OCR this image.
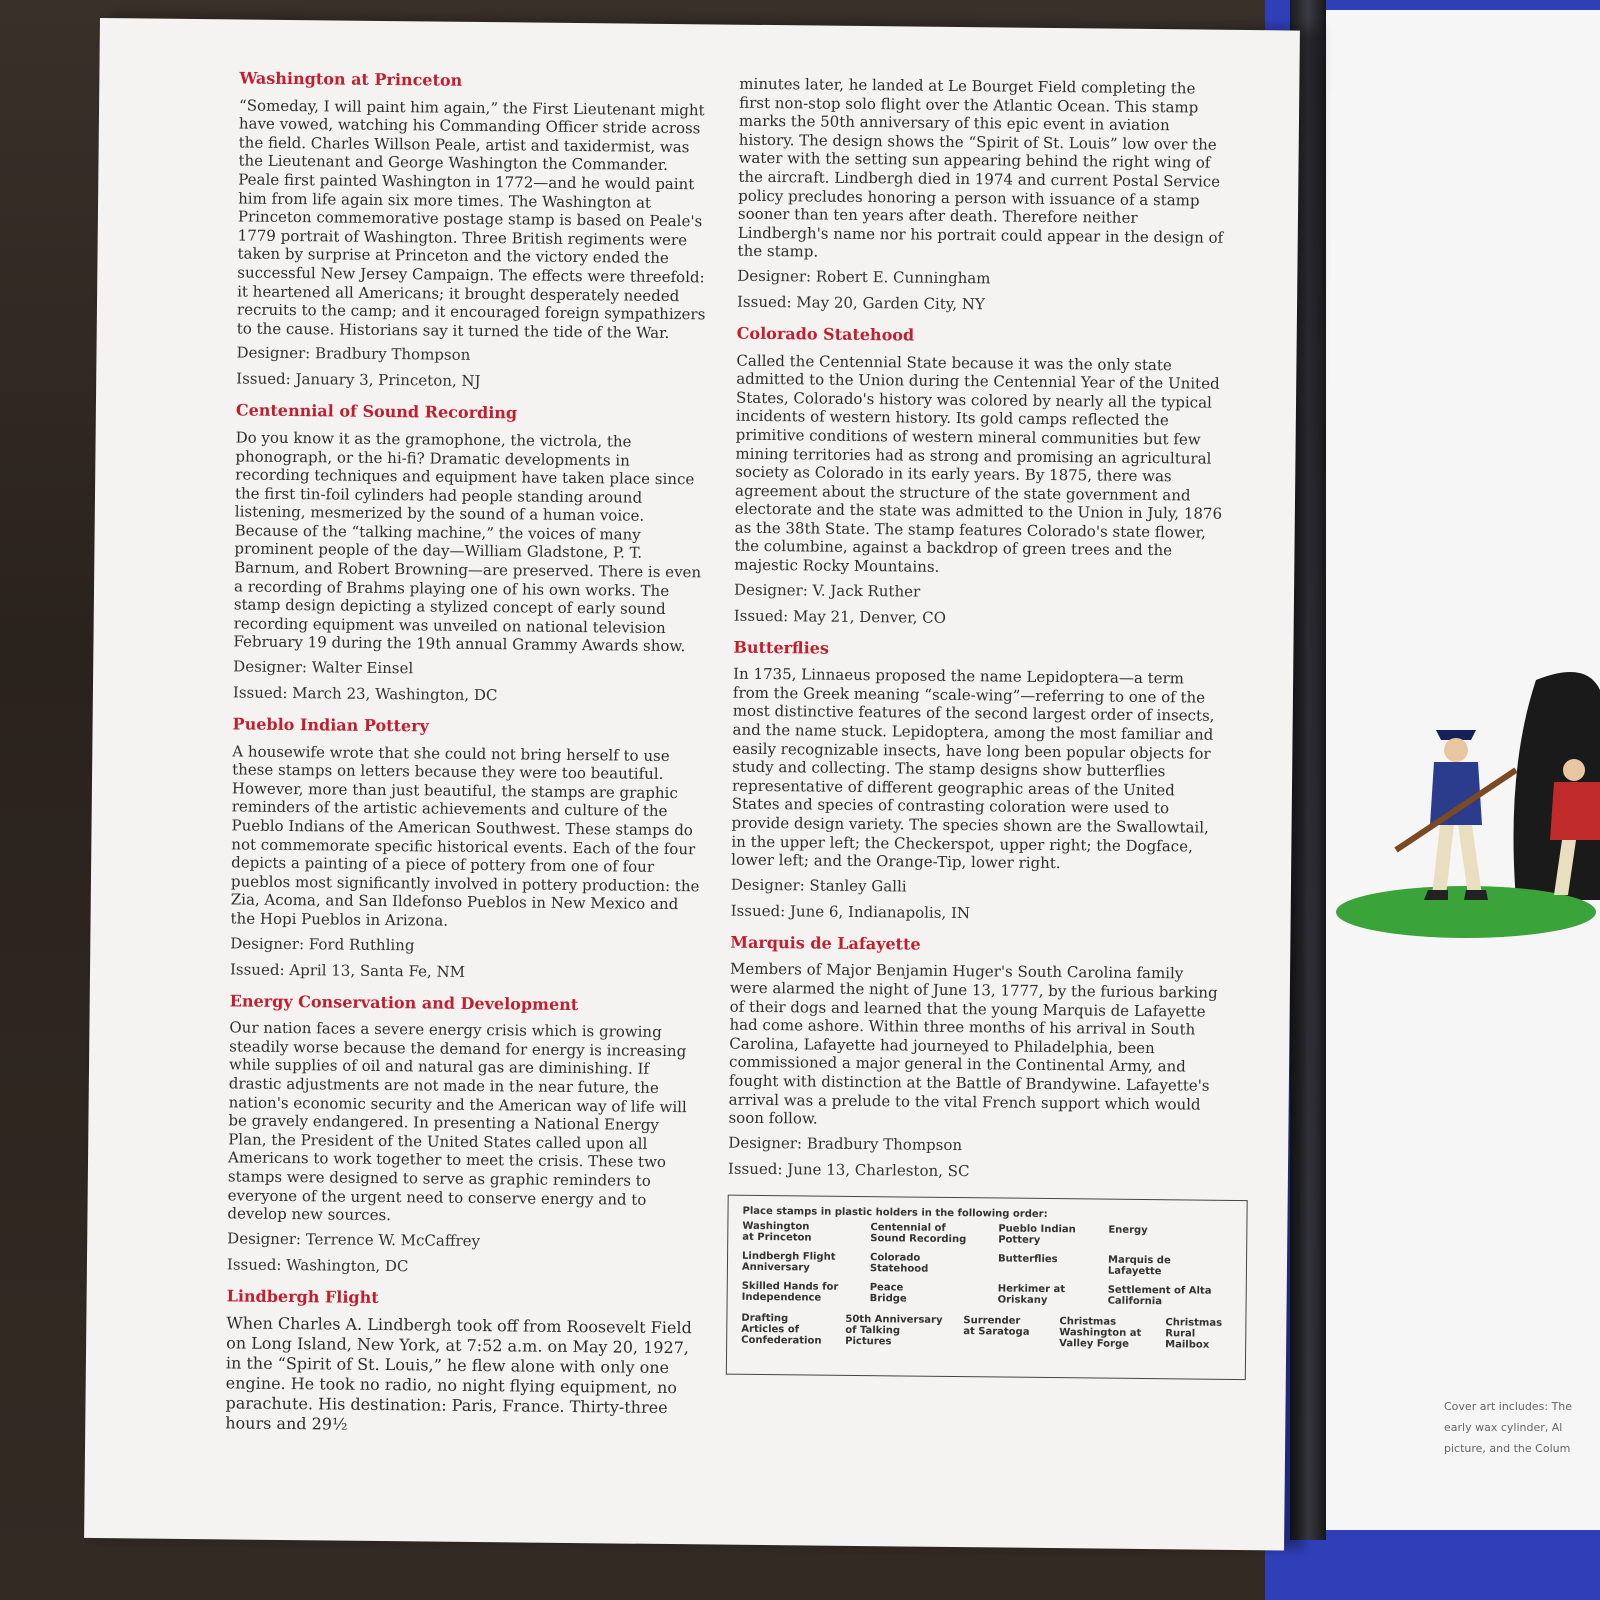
Cover art includes: The
early wax cylinder, Al
picture, and the Colum
Washington at Princeton

“Someday, I will paint him again,” the First Lieutenant might have vowed, watching his Commanding Officer stride across the field. Charles Willson Peale, artist and taxidermist, was the Lieutenant and George Washington the Commander. Peale first painted Washington in 1772—and he would paint him from life again six more times. The Washington at Princeton commemorative postage stamp is based on Peale's 1779 portrait of Washington. Three British regiments were taken by surprise at Princeton and the victory ended the successful New Jersey Campaign. The effects were threefold: it heartened all Americans; it brought desperately needed recruits to the camp; and it encouraged foreign sympathizers to the cause. Historians say it turned the tide of the War.

Designer: Bradbury Thompson

Issued: January 3, Princeton, NJ

Centennial of Sound Recording

Do you know it as the gramophone, the victrola, the phonograph, or the hi-fi? Dramatic developments in recording techniques and equipment have taken place since the first tin-foil cylinders had people standing around listening, mesmerized by the sound of a human voice. Because of the “talking machine,” the voices of many prominent people of the day—William Gladstone, P. T. Barnum, and Robert Browning—are preserved. There is even a recording of Brahms playing one of his own works. The stamp design depicting a stylized concept of early sound recording equipment was unveiled on national television February 19 during the 19th annual Grammy Awards show.

Designer: Walter Einsel

Issued: March 23, Washington, DC

Pueblo Indian Pottery

A housewife wrote that she could not bring herself to use these stamps on letters because they were too beautiful. However, more than just beautiful, the stamps are graphic reminders of the artistic achievements and culture of the Pueblo Indians of the American Southwest. These stamps do not commemorate specific historical events. Each of the four depicts a painting of a piece of pottery from one of four pueblos most significantly involved in pottery production: the Zia, Acoma, and San Ildefonso Pueblos in New Mexico and the Hopi Pueblos in Arizona.

Designer: Ford Ruthling

Issued: April 13, Santa Fe, NM

Energy Conservation and Development

Our nation faces a severe energy crisis which is growing steadily worse because the demand for energy is increasing while supplies of oil and natural gas are diminishing. If drastic adjustments are not made in the near future, the nation's economic security and the American way of life will be gravely endangered. In presenting a National Energy Plan, the President of the United States called upon all Americans to work together to meet the crisis. These two stamps were designed to serve as graphic reminders to everyone of the urgent need to conserve energy and to develop new sources.

Designer: Terrence W. McCaffrey

Issued: Washington, DC

Lindbergh Flight

When Charles A. Lindbergh took off from Roosevelt Field on Long Island, New York, at 7:52 a.m. on May 20, 1927, in the “Spirit of St. Louis,” he flew alone with only one engine. He took no radio, no night flying equipment, no parachute. His destination: Paris, France. Thirty-three hours and 29½

minutes later, he landed at Le Bourget Field completing the first non-stop solo flight over the Atlantic Ocean. This stamp marks the 50th anniversary of this epic event in aviation history. The design shows the “Spirit of St. Louis” low over the water with the setting sun appearing behind the right wing of the aircraft. Lindbergh died in 1974 and current Postal Service policy precludes honoring a person with issuance of a stamp sooner than ten years after death. Therefore neither Lindbergh's name nor his portrait could appear in the design of the stamp.

Designer: Robert E. Cunningham

Issued: May 20, Garden City, NY

Colorado Statehood

Called the Centennial State because it was the only state admitted to the Union during the Centennial Year of the United States, Colorado's history was colored by nearly all the typical incidents of western history. Its gold camps reflected the primitive conditions of western mineral communities but few mining territories had as strong and promising an agricultural society as Colorado in its early years. By 1875, there was agreement about the structure of the state government and electorate and the state was admitted to the Union in July, 1876 as the 38th State. The stamp features Colorado's state flower, the columbine, against a backdrop of green trees and the majestic Rocky Mountains.

Designer: V. Jack Ruther

Issued: May 21, Denver, CO

Butterflies

In 1735, Linnaeus proposed the name Lepidoptera—a term from the Greek meaning “scale-wing”—referring to one of the most distinctive features of the second largest order of insects, and the name stuck. Lepidoptera, among the most familiar and easily recognizable insects, have long been popular objects for study and collecting. The stamp designs show butterflies representative of different geographic areas of the United States and species of contrasting coloration were used to provide design variety. The species shown are the Swallowtail, in the upper left; the Checkerspot, upper right; the Dogface, lower left; and the Orange-Tip, lower right.

Designer: Stanley Galli

Issued: June 6, Indianapolis, IN

Marquis de Lafayette

Members of Major Benjamin Huger's South Carolina family were alarmed the night of June 13, 1777, by the furious barking of their dogs and learned that the young Marquis de Lafayette had come ashore. Within three months of his arrival in South Carolina, Lafayette had journeyed to Philadelphia, been commissioned a major general in the Continental Army, and fought with distinction at the Battle of Brandywine. Lafayette's arrival was a prelude to the vital French support which would soon follow.

Designer: Bradbury Thompson

Issued: June 13, Charleston, SC

Place stamps in plastic holders in the following order:
Washington
at Princeton
Centennial of
Sound Recording
Pueblo Indian
Pottery
Energy
Lindbergh Flight
Anniversary
Colorado
Statehood
Butterflies	Marquis de
Lafayette
Skilled Hands for
Independence
Peace
Bridge
Herkimer at
Oriskany
Settlement of Alta
California
Drafting
Articles of
Confederation
50th Anniversary
of Talking
Pictures
Surrender
at Saratoga
Christmas
Washington at
Valley Forge
Christmas
Rural
Mailbox
